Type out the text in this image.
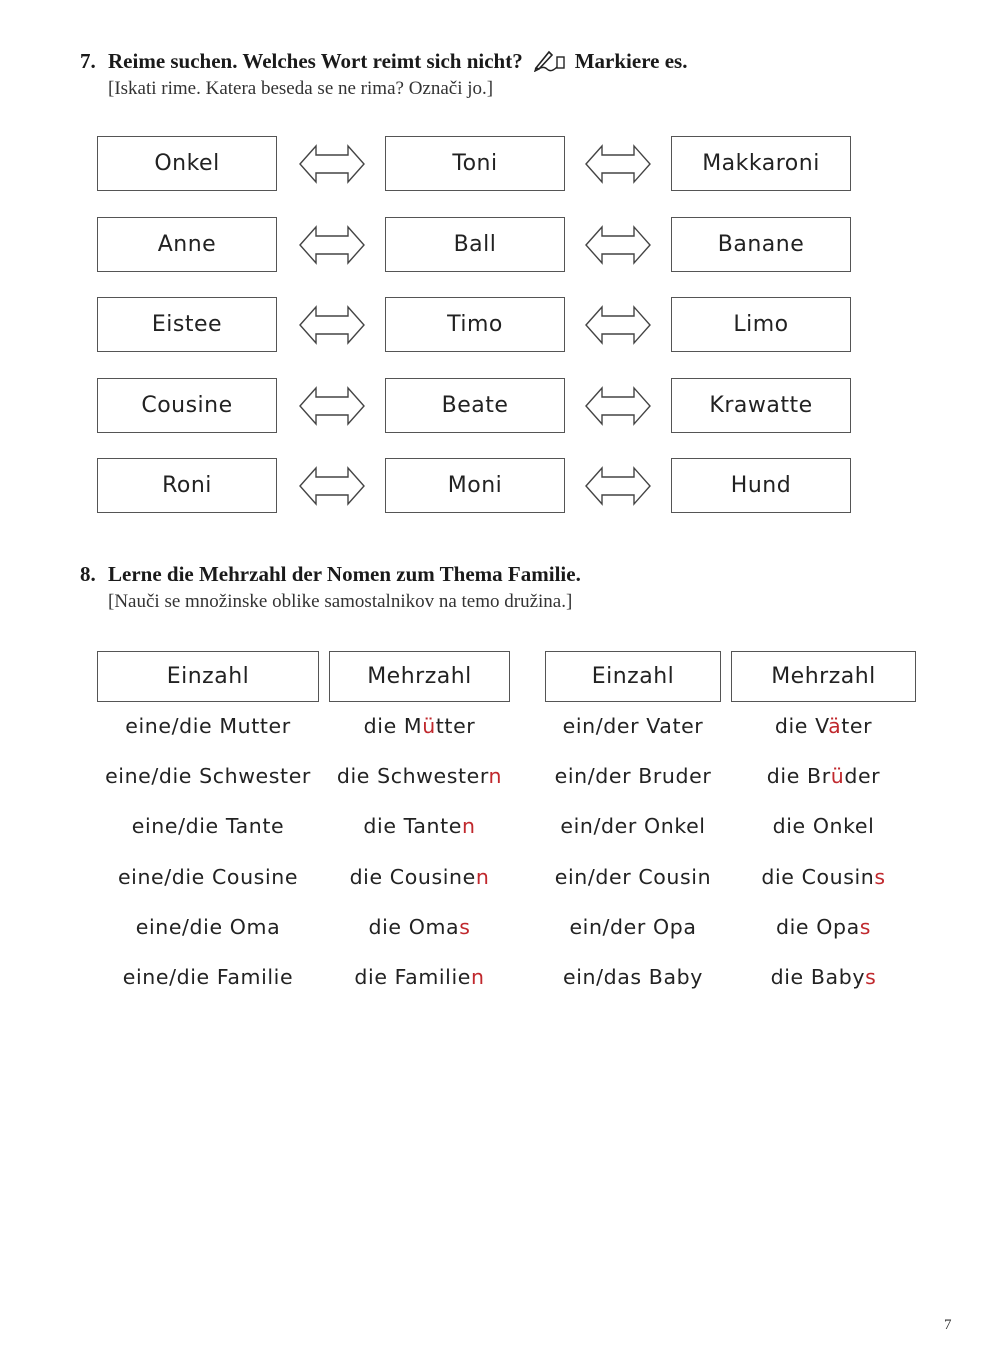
7. Reime suchen. Welches Wort reimt sich nicht? Markiere es.
[Iskati rime. Katera beseda se ne rima? Označi jo.]
Onkel	Toni	Makkaroni
Anne	Ball	Banane
Eistee	Timo	Limo
Cousine	Beate	Krawatte
Roni	Moni	Hund
8. Lerne die Mehrzahl der Nomen zum Thema Familie.
[Nauči se množinske oblike samostalnikov na temo družina.]
Einzahl	Mehrzahl	Einzahl	Mehrzahl
eine/die Mutter	die Mütter	ein/der Vater	die Väter
eine/die Schwester	die Schwestern	ein/der Bruder	die Brüder
eine/die Tante	die Tanten	ein/der Onkel	die Onkel
eine/die Cousine	die Cousinen	ein/der Cousin	die Cousins
eine/die Oma	die Omas	ein/der Opa	die Opas
eine/die Familie	die Familien	ein/das Baby	die Babys
7
